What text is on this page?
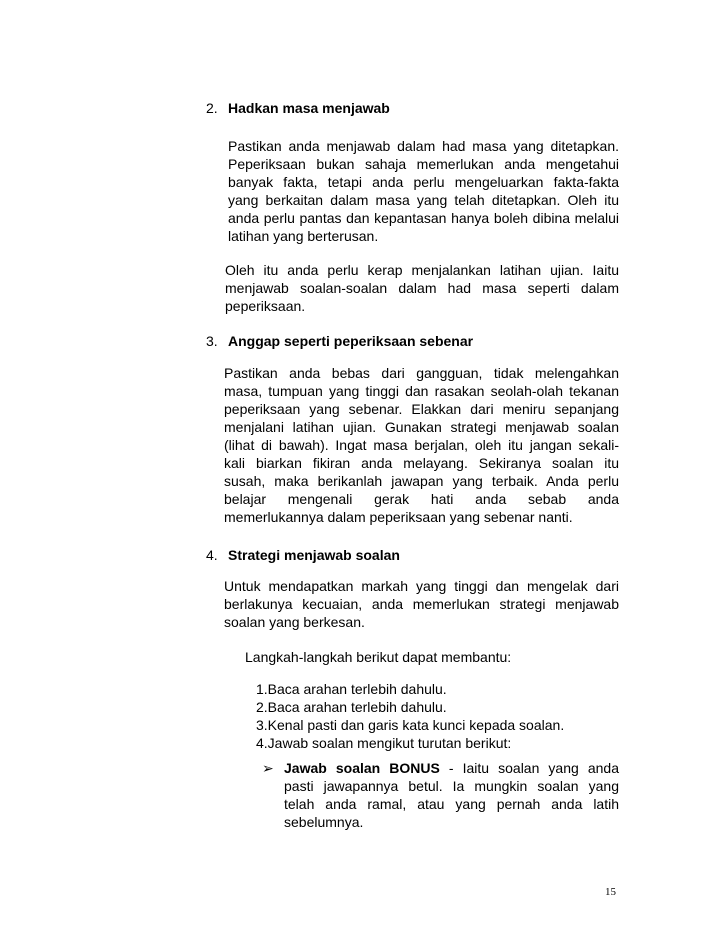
2. Hadkan masa menjawab
Pastikan anda menjawab dalam had masa yang ditetapkan.
Peperiksaan bukan sahaja memerlukan anda mengetahui
banyak fakta, tetapi anda perlu mengeluarkan fakta-fakta
yang berkaitan dalam masa yang telah ditetapkan. Oleh itu
anda perlu pantas dan kepantasan hanya boleh dibina melalui
latihan yang berterusan.
Oleh itu anda perlu kerap menjalankan latihan ujian. Iaitu
menjawab soalan-soalan dalam had masa seperti dalam
peperiksaan.
3. Anggap seperti peperiksaan sebenar
Pastikan anda bebas dari gangguan, tidak melengahkan
masa, tumpuan yang tinggi dan rasakan seolah-olah tekanan
peperiksaan yang sebenar. Elakkan dari meniru sepanjang
menjalani latihan ujian. Gunakan strategi menjawab soalan
(lihat di bawah). Ingat masa berjalan, oleh itu jangan sekali-
kali biarkan fikiran anda melayang. Sekiranya soalan itu
susah, maka berikanlah jawapan yang terbaik. Anda perlu
belajar mengenali gerak hati anda sebab anda
memerlukannya dalam peperiksaan yang sebenar nanti.
4. Strategi menjawab soalan
Untuk mendapatkan markah yang tinggi dan mengelak dari
berlakunya kecuaian, anda memerlukan strategi menjawab
soalan yang berkesan.
Langkah-langkah berikut dapat membantu:
1.Baca arahan terlebih dahulu.
2.Baca arahan terlebih dahulu.
3.Kenal pasti dan garis kata kunci kepada soalan.
4.Jawab soalan mengikut turutan berikut:
➢ Jawab soalan BONUS - Iaitu soalan yang anda
pasti jawapannya betul. Ia mungkin soalan yang
telah anda ramal, atau yang pernah anda latih
sebelumnya.
15
